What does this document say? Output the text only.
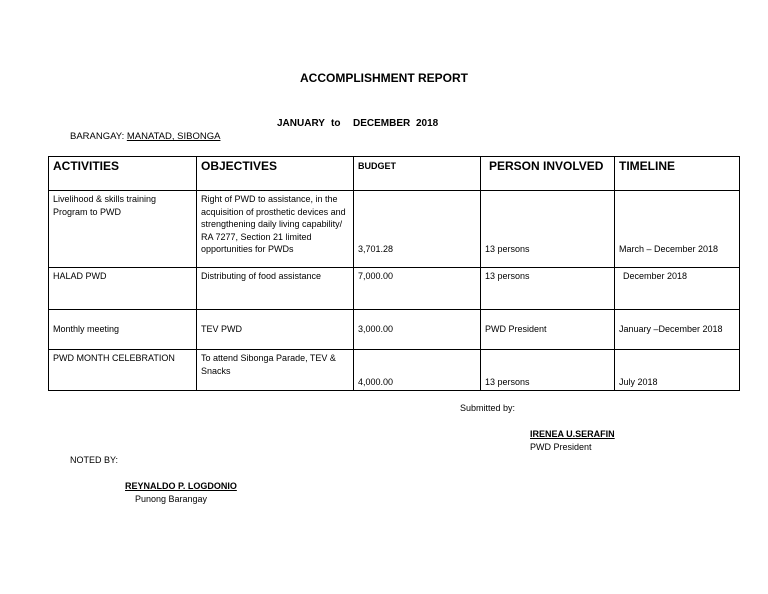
ACCOMPLISHMENT REPORT
JANUARY to DECEMBER 2018
BARANGAY: MANATAD, SIBONGA
ACTIVITIES	OBJECTIVES	BUDGET	PERSON INVOLVED	TIMELINE
Livelihood & skills training Program to PWD	Right of PWD to assistance, in the acquisition of prosthetic devices and strengthening daily living capability/ RA 7277, Section 21 limited opportunities for PWDs	3,701.28	13 persons	March – December 2018
HALAD PWD	Distributing of food assistance	7,000.00	13 persons	December 2018
Monthly meeting	TEV PWD	3,000.00	PWD President	January –December 2018
PWD MONTH CELEBRATION	To attend Sibonga Parade, TEV & Snacks	4,000.00	13 persons	July 2018
Submitted by:
IRENEA U.SERAFIN
PWD President
NOTED BY:
REYNALDO P. LOGDONIO
Punong Barangay
